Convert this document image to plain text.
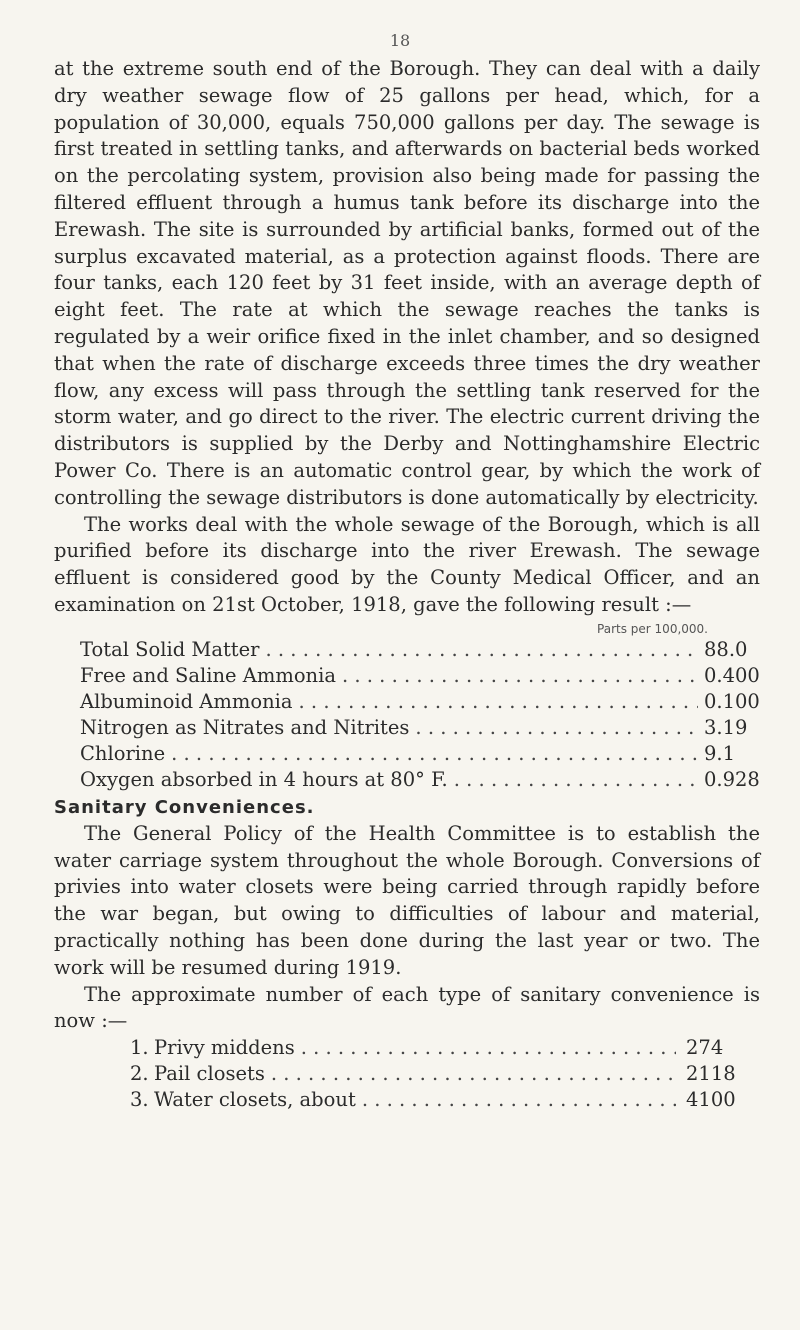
18

at the extreme south end of the Borough. They can deal with a daily dry weather sewage flow of 25 gallons per head, which, for a population of 30,000, equals 750,000 gallons per day. The sewage is first treated in settling tanks, and afterwards on bacterial beds worked on the percolating system, provision also being made for passing the filtered effluent through a humus tank before its discharge into the Erewash. The site is surrounded by artificial banks, formed out of the surplus excavated material, as a protection against floods. There are four tanks, each 120 feet by 31 feet inside, with an average depth of eight feet. The rate at which the sewage reaches the tanks is regulated by a weir orifice fixed in the inlet chamber, and so designed that when the rate of discharge exceeds three times the dry weather flow, any excess will pass through the settling tank reserved for the storm water, and go direct to the river. The electric current driving the distributors is supplied by the Derby and Nottinghamshire Electric Power Co. There is an automatic control gear, by which the work of controlling the sewage distributors is done automatically by electricity.

The works deal with the whole sewage of the Borough, which is all purified before its discharge into the river Erewash. The sewage effluent is considered good by the County Medical Officer, and an examination on 21st October, 1918, gave the following result :—

Parts per 100,000.
Total Solid Matter . . .	88.0
Free and Saline Ammonia . . .	0.400
Albuminoid Ammonia . . .	0.100
Nitrogen as Nitrates and Nitrites . . .	3.19
Chlorine . . .	9.1
Oxygen absorbed in 4 hours at 80° F. . . .	0.928
Sanitary Conveniences.

The General Policy of the Health Committee is to establish the water carriage system throughout the whole Borough. Conversions of privies into water closets were being carried through rapidly before the war began, but owing to difficulties of labour and material, practically nothing has been done during the last year or two. The work will be resumed during 1919.

The approximate number of each type of sanitary convenience is now :—

1. Privy middens . . .	274
2. Pail closets . . .	2118
3. Water closets, about . . .	4100
